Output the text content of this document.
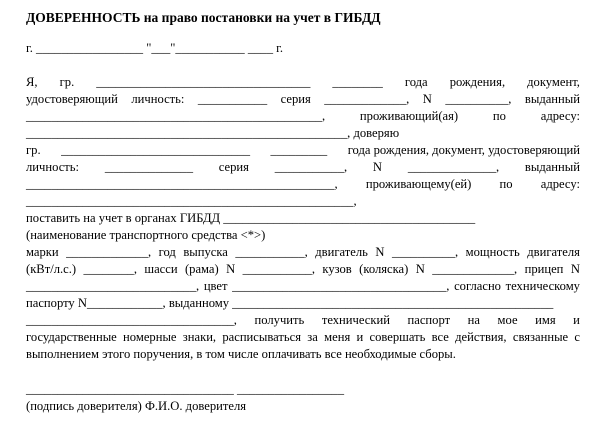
ДОВЕРЕННОСТЬ на право постановки на учет в ГИБДД
г. _________________ "___"___________ ____ г.
Я, гр. __________________________________ ________ года рождения, документ,
удостоверяющий личность: ___________ серия _____________, N __________, выданный
_______________________________________________,	проживающий(ая)	по	адресу:
___________________________________________________, доверяю
гр. ______________________________ _________ года рождения, документ, удостоверяющий
личность: ______________ серия ___________, N ______________, выданный
_________________________________________________, проживающему(ей) по адресу:
____________________________________________________,
поставить на учет в органах ГИБДД ________________________________________
(наименование транспортного средства <*>)
марки _____________, год выпуска ___________, двигатель N __________, мощность двигателя
(кВт/л.с.) ________, шасси (рама) N ___________, кузов (коляска) N _____________, прицеп N
___________________________, цвет __________________________________, согласно техническому
паспорту N____________, выданному ___________________________________________________
_________________________________, получить технический паспорт на мое имя и
государственные номерные знаки, расписываться за меня и совершать все действия, связанные с
выполнением этого поручения, в том числе оплачивать все необходимые сборы.
_________________________________ _________________
(подпись доверителя) Ф.И.О. доверителя
